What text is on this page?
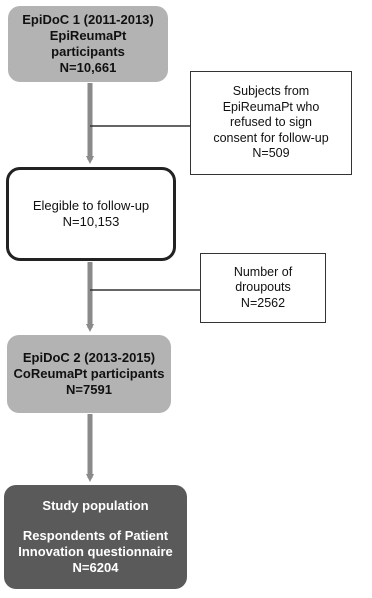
EpiDoC 1 (2011-2013)
EpiReumaPt
participants
N=10,661
Subjects from
EpiReumaPt who
refused to sign
consent for follow-up
N=509
Elegible to follow-up
N=10,153
Number of
droupouts
N=2562
EpiDoC 2 (2013-2015)
CoReumaPt participants
N=7591
Study population
Respondents of Patient
Innovation questionnaire
N=6204
